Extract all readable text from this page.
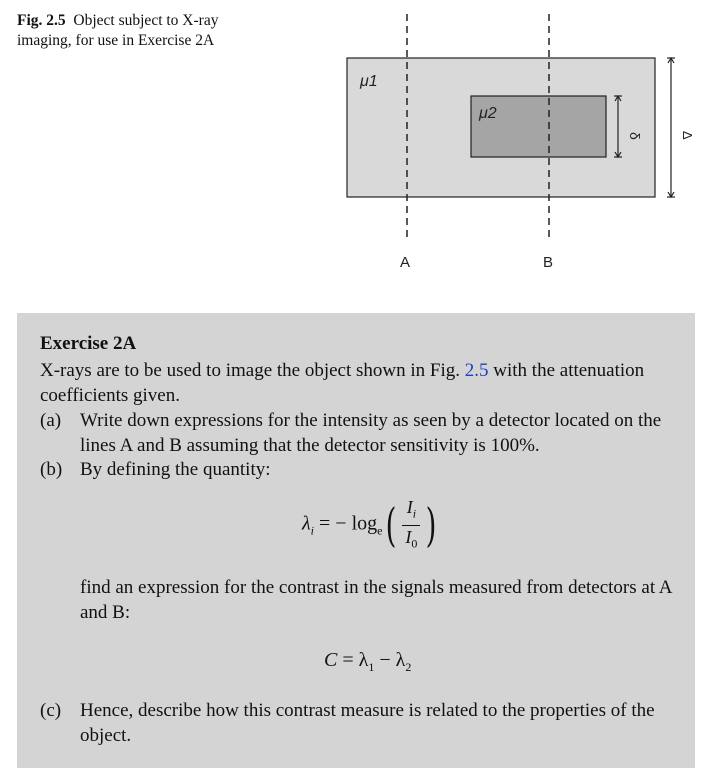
Fig. 2.5 Object subject to X-ray imaging, for use in Exercise 2A
μ1
μ2
δ	Δ
A	B
Exercise 2A
X-rays are to be used to image the object shown in Fig. 2.5 with the attenuation coefficients given.
(a) Write down expressions for the intensity as seen by a detector located on the lines A and B assuming that the detector sensitivity is 100%.
(b) By defining the quantity:
$\lambda_i$ = − $\log_e( \frac{I_i}{I_0}$ )
find an expression for the contrast in the signals measured from detectors at A and B:
$C = \lambda_1 - \lambda_2$
(c) Hence, describe how this contrast measure is related to the properties of the object.
